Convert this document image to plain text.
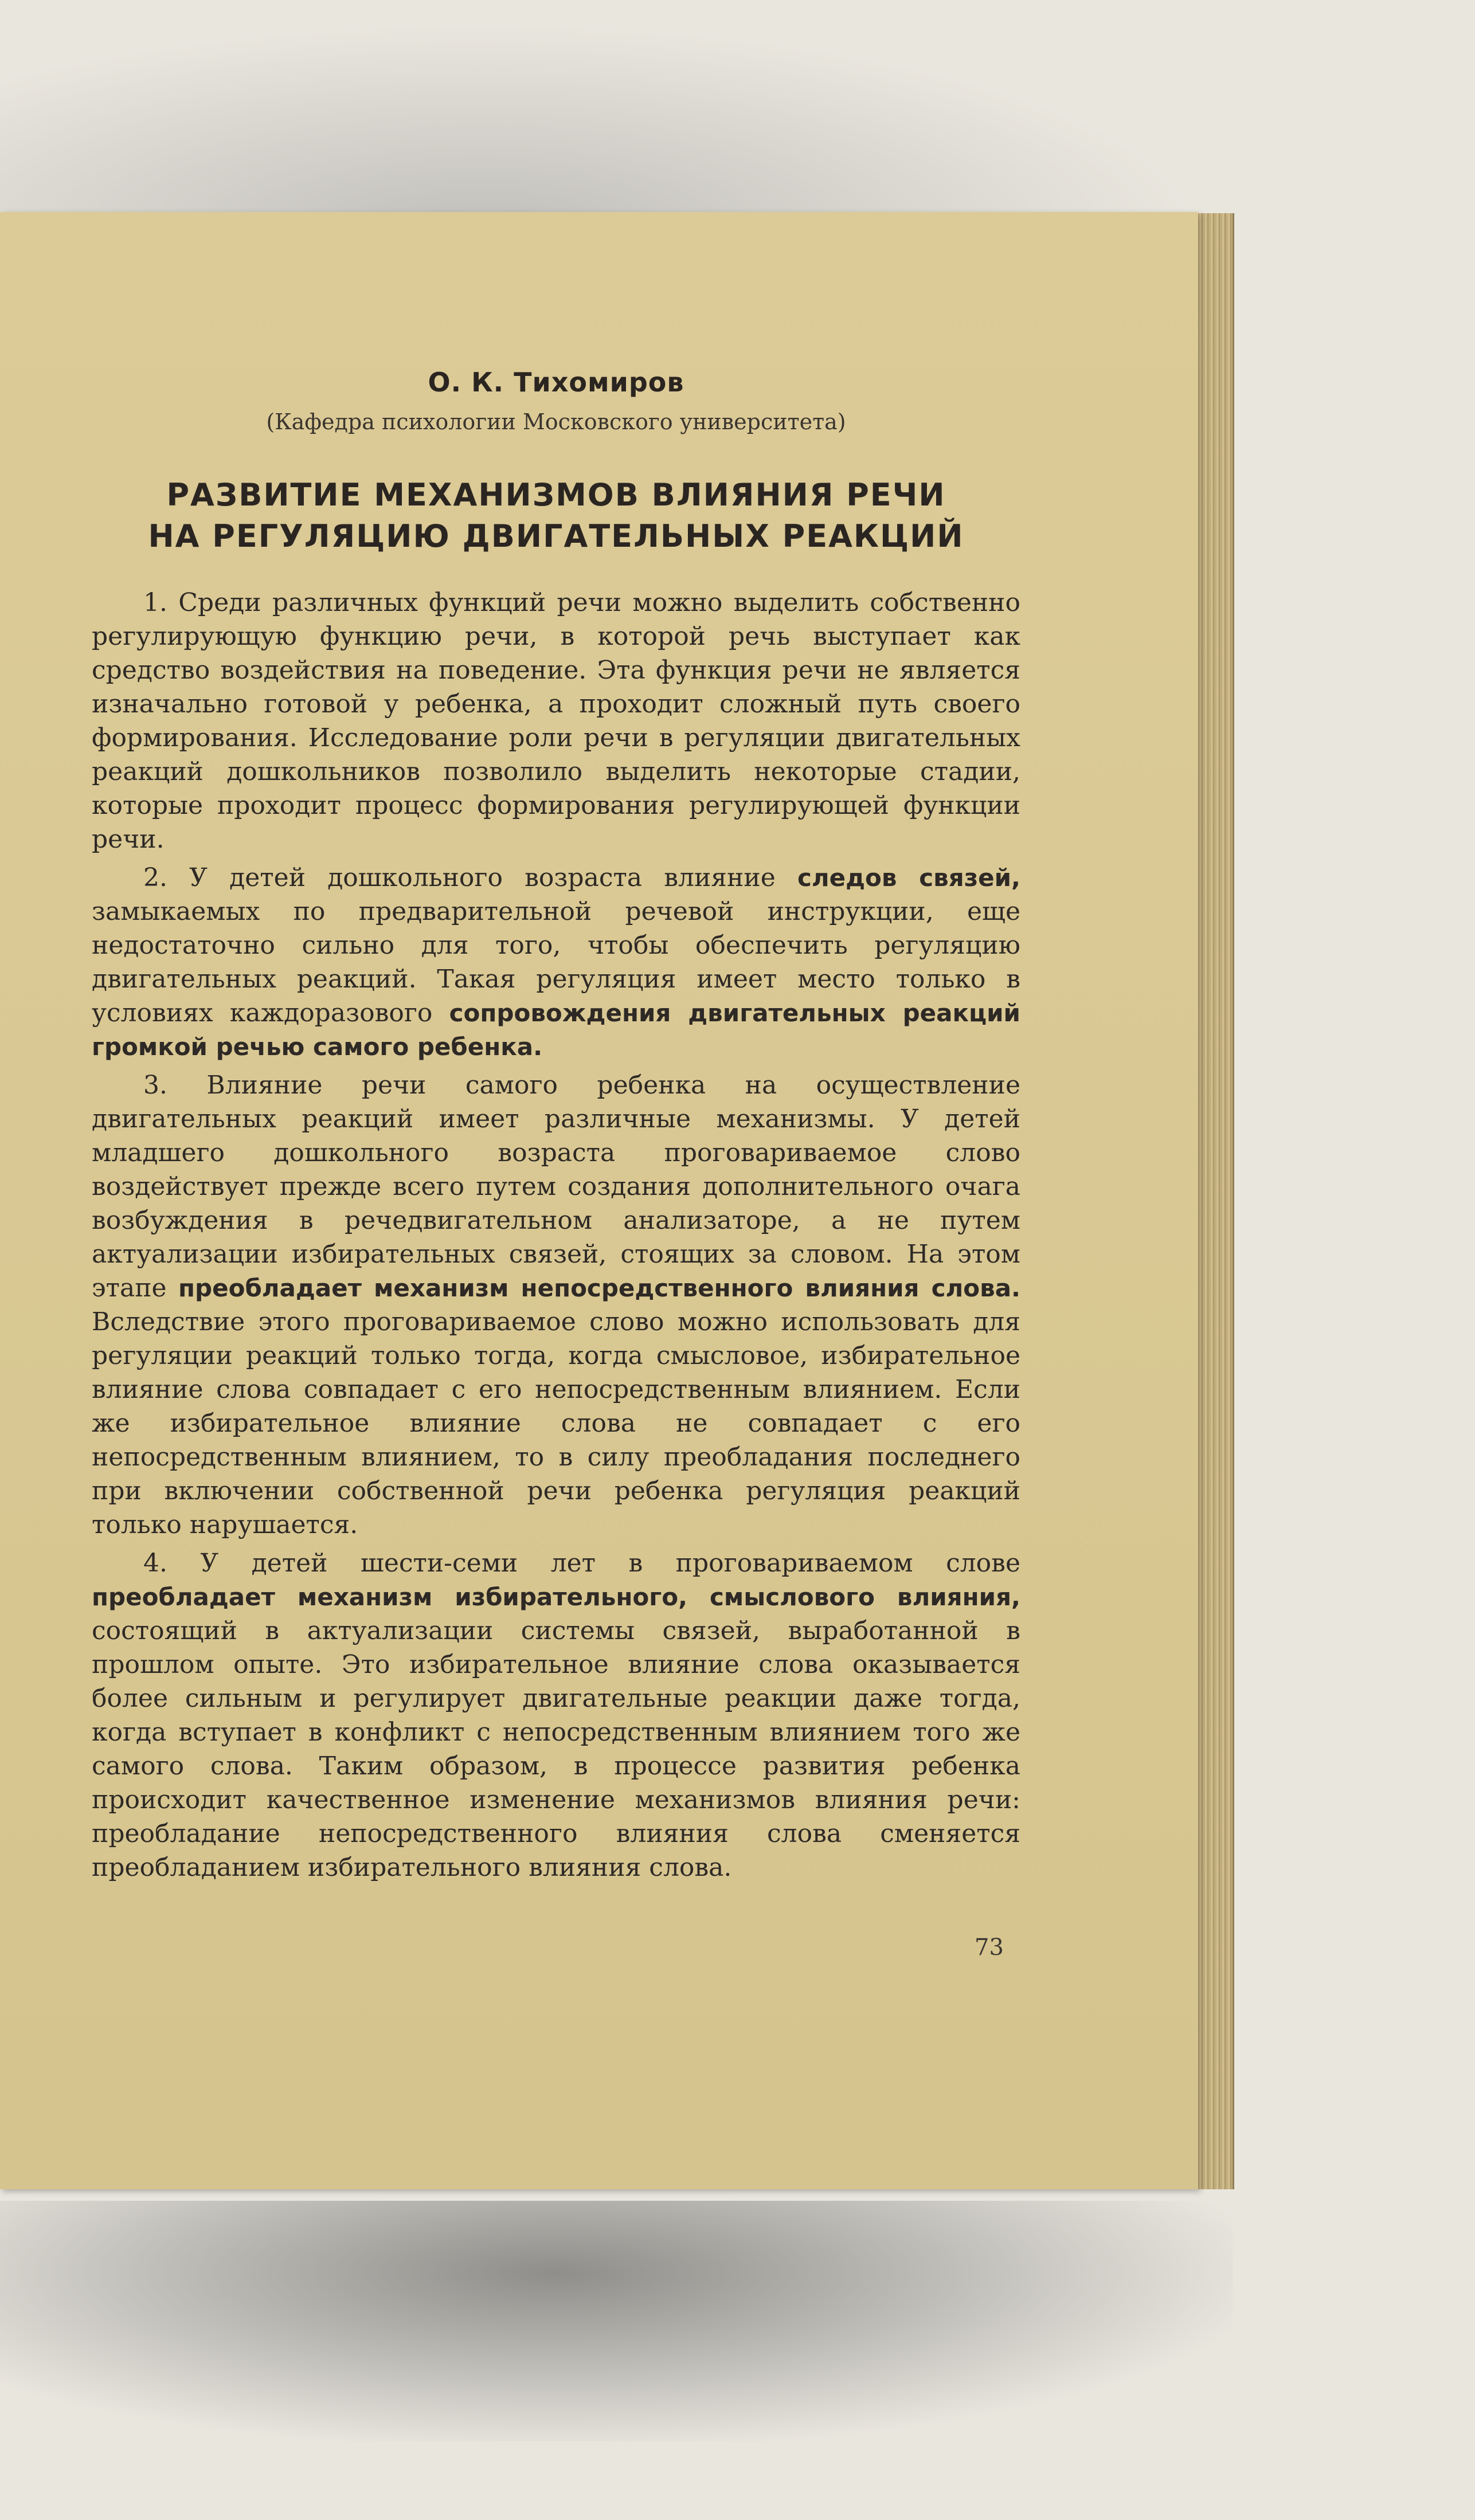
О. К. Тихомиров
(Кафедра психологии Московского университета)
РАЗВИТИЕ МЕХАНИЗМОВ ВЛИЯНИЯ РЕЧИ
НА РЕГУЛЯЦИЮ ДВИГАТЕЛЬНЫХ РЕАКЦИЙ

1. Среди различных функций речи можно выделить собственно регулирующую функцию речи, в которой речь выступает как средство воздействия на поведение. Эта функция речи не является изначально готовой у ребенка, а проходит сложный путь своего формирования. Исследование роли речи в регуляции двигательных реакций дошкольников позволило выделить некоторые стадии, которые проходит процесс формирования регулирующей функции речи.

2. У детей дошкольного возраста влияние следов связей, замыкаемых по предварительной речевой инструкции, еще недостаточно сильно для того, чтобы обеспечить регуляцию двигательных реакций. Такая регуляция имеет место только в условиях каждоразового сопровождения двигательных реакций громкой речью самого ребенка.

3. Влияние речи самого ребенка на осуществление двигательных реакций имеет различные механизмы. У детей младшего дошкольного возраста проговариваемое слово воздействует прежде всего путем создания дополнительного очага возбуждения в речедвигательном анализаторе, а не путем актуализации избирательных связей, стоящих за словом. На этом этапе преобладает механизм непосредственного влияния слова. Вследствие этого проговариваемое слово можно использовать для регуляции реакций только тогда, когда смысловое, избирательное влияние слова совпадает с его непосредственным влиянием. Если же избирательное влияние слова не совпадает с его непосредственным влиянием, то в силу преобладания последнего при включении собственной речи ребенка регуляция реакций только нарушается.

4. У детей шести-семи лет в проговариваемом слове преобладает механизм избирательного, смыслового влияния, состоящий в актуализации системы связей, выработанной в прошлом опыте. Это избирательное влияние слова оказывается более сильным и регулирует двигательные реакции даже тогда, когда вступает в конфликт с непосредственным влиянием того же самого слова. Таким образом, в процессе развития ребенка происходит качественное изменение механизмов влияния речи: преобладание непосредственного влияния слова сменяется преобладанием избирательного влияния слова.

73
